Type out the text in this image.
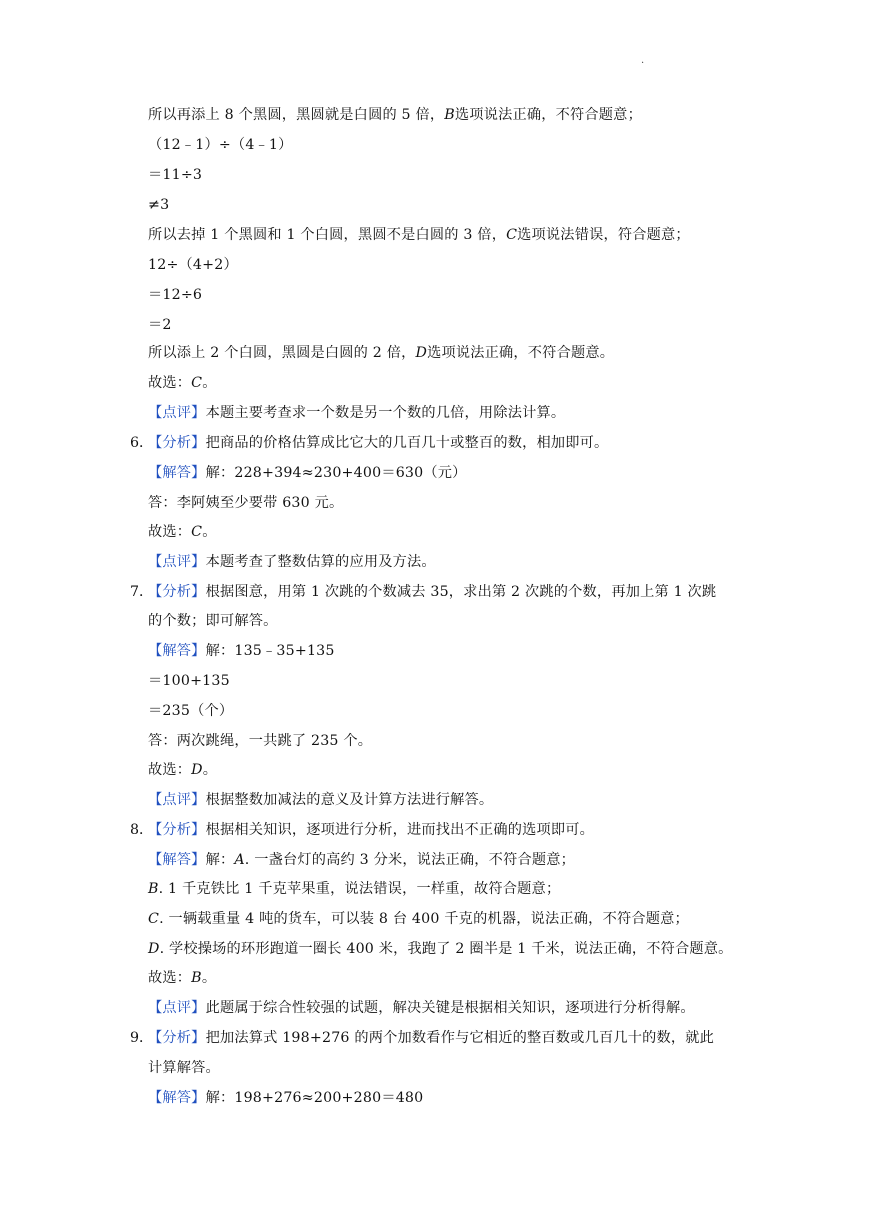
.
所以再添上 8 个黑圆，黑圆就是白圆的 5 倍，B选项说法正确，不符合题意；
（12﹣1）÷（4﹣1）
＝11÷3
≠3
所以去掉 1 个黑圆和 1 个白圆，黑圆不是白圆的 3 倍，C选项说法错误，符合题意；
12÷（4+2）
＝12÷6
＝2
所以添上 2 个白圆，黑圆是白圆的 2 倍，D选项说法正确，不符合题意。
故选：C。
【点评】本题主要考查求一个数是另一个数的几倍，用除法计算。
6．
【分析】把商品的价格估算成比它大的几百几十或整百的数，相加即可。
【解答】解：228+394≈230+400＝630（元）
答：李阿姨至少要带 630 元。
故选：C。
【点评】本题考查了整数估算的应用及方法。
7．
【分析】根据图意，用第 1 次跳的个数减去 35，求出第 2 次跳的个数，再加上第 1 次跳
的个数；即可解答。
【解答】解：135﹣35+135
＝100+135
＝235（个）
答：两次跳绳，一共跳了 235 个。
故选：D。
【点评】根据整数加减法的意义及计算方法进行解答。
8．
【分析】根据相关知识，逐项进行分析，进而找出不正确的选项即可。
【解答】解：A. 一盏台灯的高约 3 分米，说法正确，不符合题意；
B. 1 千克铁比 1 千克苹果重，说法错误，一样重，故符合题意；
C. 一辆载重量 4 吨的货车，可以装 8 台 400 千克的机器，说法正确，不符合题意；
D. 学校操场的环形跑道一圈长 400 米，我跑了 2 圈半是 1 千米，说法正确，不符合题意。
故选：B。
【点评】此题属于综合性较强的试题，解决关键是根据相关知识，逐项进行分析得解。
9．
【分析】把加法算式 198+276 的两个加数看作与它相近的整百数或几百几十的数，就此
计算解答。
【解答】解：198+276≈200+280＝480
